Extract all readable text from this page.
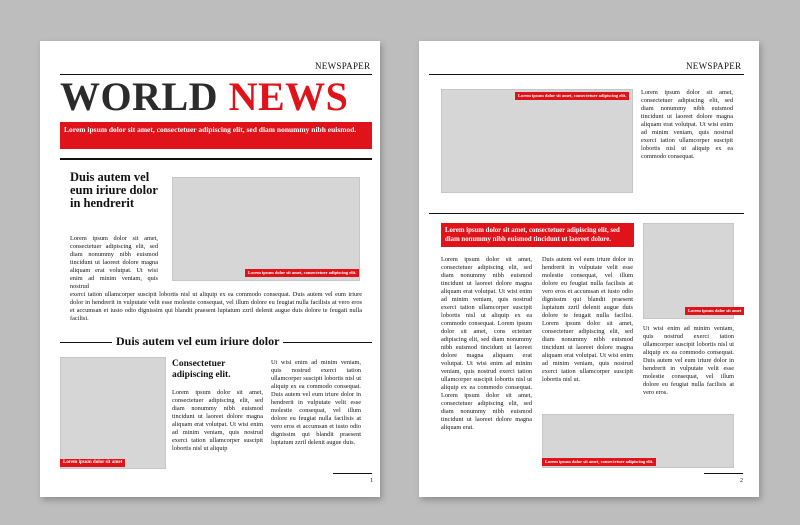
NEWSPAPER
WORLD NEWS
Lorem ipsum dolor sit amet, consectetuer adipiscing elit, sed diam nonummy nibh euismod.
Duis autem vel eum iriure dolor in hendrerit
Lorem ipsum dolor sit amet, consectetuer adipiscing elit, sed diam nonummy nibh euismod tincidunt ut laoreet dolore magna aliquam erat volutpat. Ut wisi enim ad minim veniam, quis nostrud
exerci tation ullamcorper suscipit lobortis nisl ut aliquip ex ea commodo consequat. Duis autem vel eum iriure dolor in hendrerit in vulputate velit esse molestie consequat, vel illum dolore eu feugiat nulla facilisis at vero eros et accumsan et iusto odio dignissim qui blandit praesent luptatum zzril delenit augue duis dolore te feugait nulla facilisi.
Lorem ipsum dolor sit amet, consectetuer adipiscing elit.
Duis autem vel eum iriure dolor
Lorem ipsum dolor sit amet
Consectetuer adipiscing elit.
Lorem ipsum dolor sit amet, consectetuer adipiscing elit, sed diam nonummy nibh euismod tincidunt ut laoreet dolore magna aliquam erat volutpat. Ut wisi enim ad minim veniam, quis nostrud exerci tation ullamcorper suscipit lobortis nisl ut aliquip
Ut wisi enim ad minim veniam, quis nostrud exerci tation ullamcorper suscipit lobortis nisl ut aliquip ex ea commodo consequat. Duis autem vel eum iriure dolor in hendrerit in vulputate velit esse molestie consequat, vel illum dolore eu feugiat nulla facilisis at vero eros et accumsan et iusto odio dignissim qui blandit praesent luptatum zzril delenit augue duis.
1
NEWSPAPER
Lorem ipsum dolor sit amet, consectetuer adipiscing elit.	Lorem ipsum dolor sit amet, consectetuer adipiscing elit, sed diam nonummy nibh euismod tincidunt ut laoreet dolore magna aliquam erat volutpat. Ut wisi enim ad minim veniam, quis nostrud exerci tation ullamcorper suscipit lobortis nisl ut aliquip ex ea commodo consequat.
Lorem ipsum dolor sit amet, consectetuer adipiscing elit, sed diam nonummy nibh euismod tincidunt ut laoreet dolore.
Lorem ipsum dolor sit amet, consectetuer adipiscing elit, sed diam nonummy nibh euismod tincidunt ut laoreet dolore magna aliquam erat volutpat. Ut wisi enim ad minim veniam, quis nostrud exerci tation ullamcorper suscipit lobortis nisl ut aliquip ex ea commodo consequat. Lorem ipsum dolor sit amet, cons ectetuer adipiscing elit, sed diam nonummy nibh euismod tincidunt ut laoreet dolore magna aliquam erat volutpat. Ut wisi enim ad minim veniam, quis nostrud exerci tation ullamcorper suscipit lobortis nisl ut aliquip ex ea commodo consequat. Lorem ipsum dolor sit amet, consectetuer adipiscing elit, sed diam nonummy nibh euismod tincidunt ut laoreet dolore magna aliquam erat.
Duis autem vel eum iriure dolor in hendrerit in vulputate velit esse molestie consequat, vel illum dolore eu feugiat nulla facilisis at vero eros et accumsan et iusto odio dignissim qui blandit praesent luptatum zzril delenit augue duis dolore te feugait nulla facilisi. Lorem ipsum dolor sit amet, consectetuer adipiscing elit, sed diam nonummy nibh euismod tincidunt ut laoreet dolore magna aliquam erat volutpat. Ut wisi enim ad minim veniam, quis nostrud exerci tation ullamcorper suscipit lobortis nisl ut.
Lorem ipsum dolor sit amet
Ut wisi enim ad minim veniam, quis nostrud exerci tation ullamcorper suscipit lobortis nisl ut aliquip ex ea commodo consequat. Duis autem vel eum iriure dolor in hendrerit in vulputate velit esse molestie consequat, vel illum dolore eu feugiat nulla facilisis at vero eros.
Lorem ipsum dolor sit amet, consectetuer adipiscing elit.
2
